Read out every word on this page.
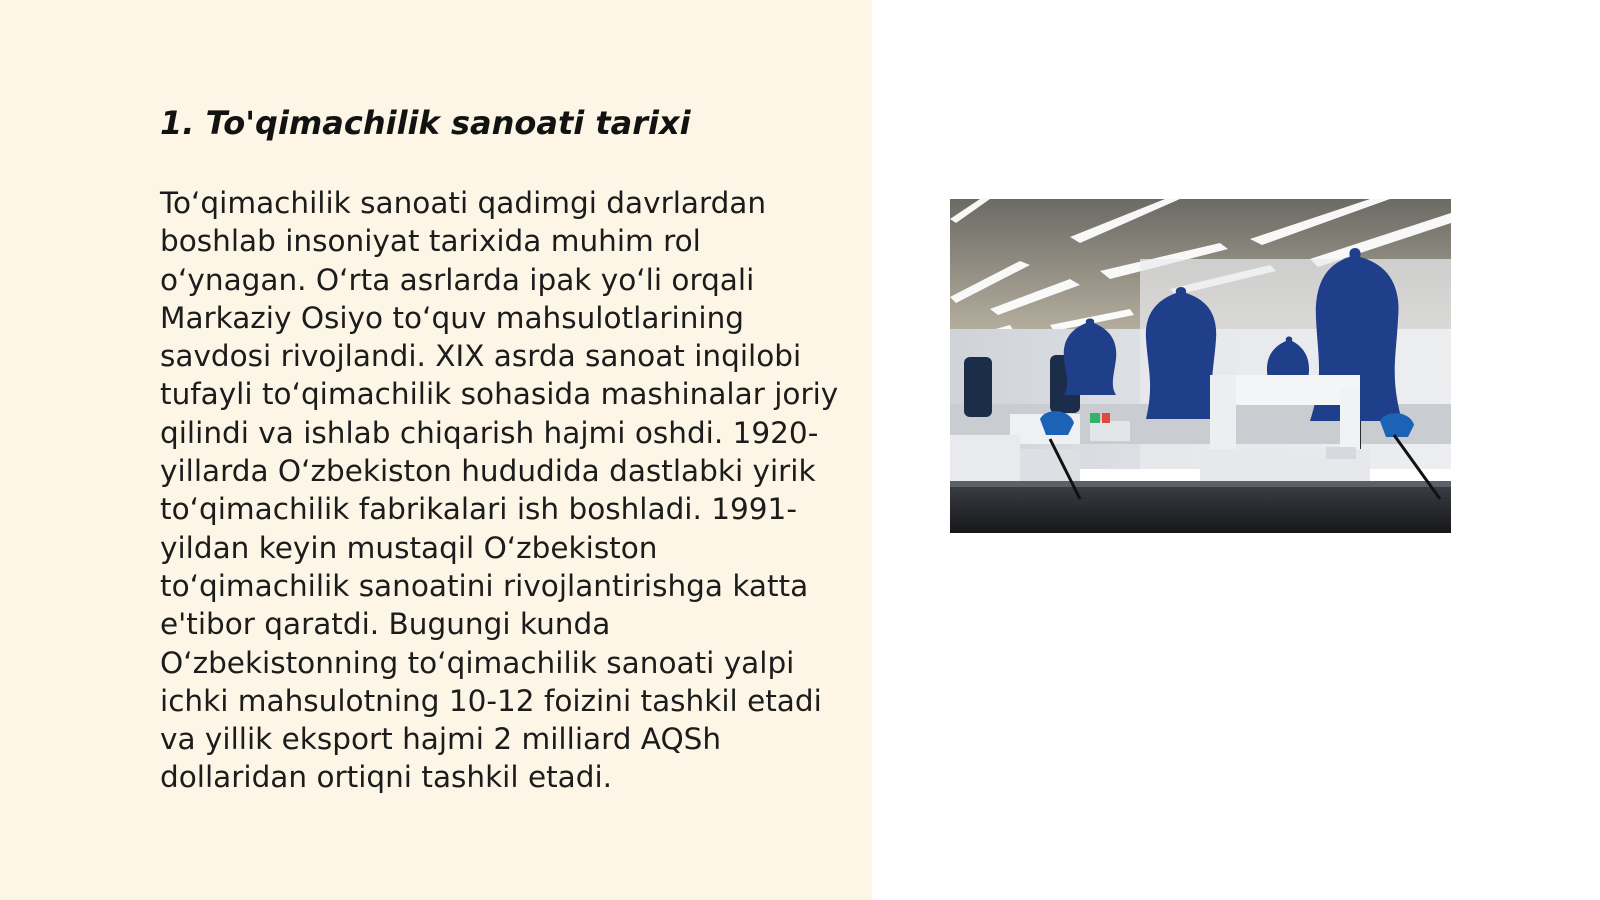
1. To'qimachilik sanoati tarixi

To‘qimachilik sanoati qadimgi davrlardan boshlab insoniyat tarixida muhim rol o‘ynagan. O‘rta asrlarda ipak yo‘li orqali Markaziy Osiyo to‘quv mahsulotlarining savdosi rivojlandi. XIX asrda sanoat inqilobi tufayli to‘qimachilik sohasida mashinalar joriy qilindi va ishlab chiqarish hajmi oshdi. 1920-yillarda O‘zbekiston hududida dastlabki yirik to‘qimachilik fabrikalari ish boshladi. 1991-yildan keyin mustaqil O‘zbekiston to‘qimachilik sanoatini rivojlantirishga katta e'tibor qaratdi. Bugungi kunda O‘zbekistonning to‘qimachilik sanoati yalpi ichki mahsulotning 10-12 foizini tashkil etadi va yillik eksport hajmi 2 milliard AQSh dollaridan ortiqni tashkil etadi.
